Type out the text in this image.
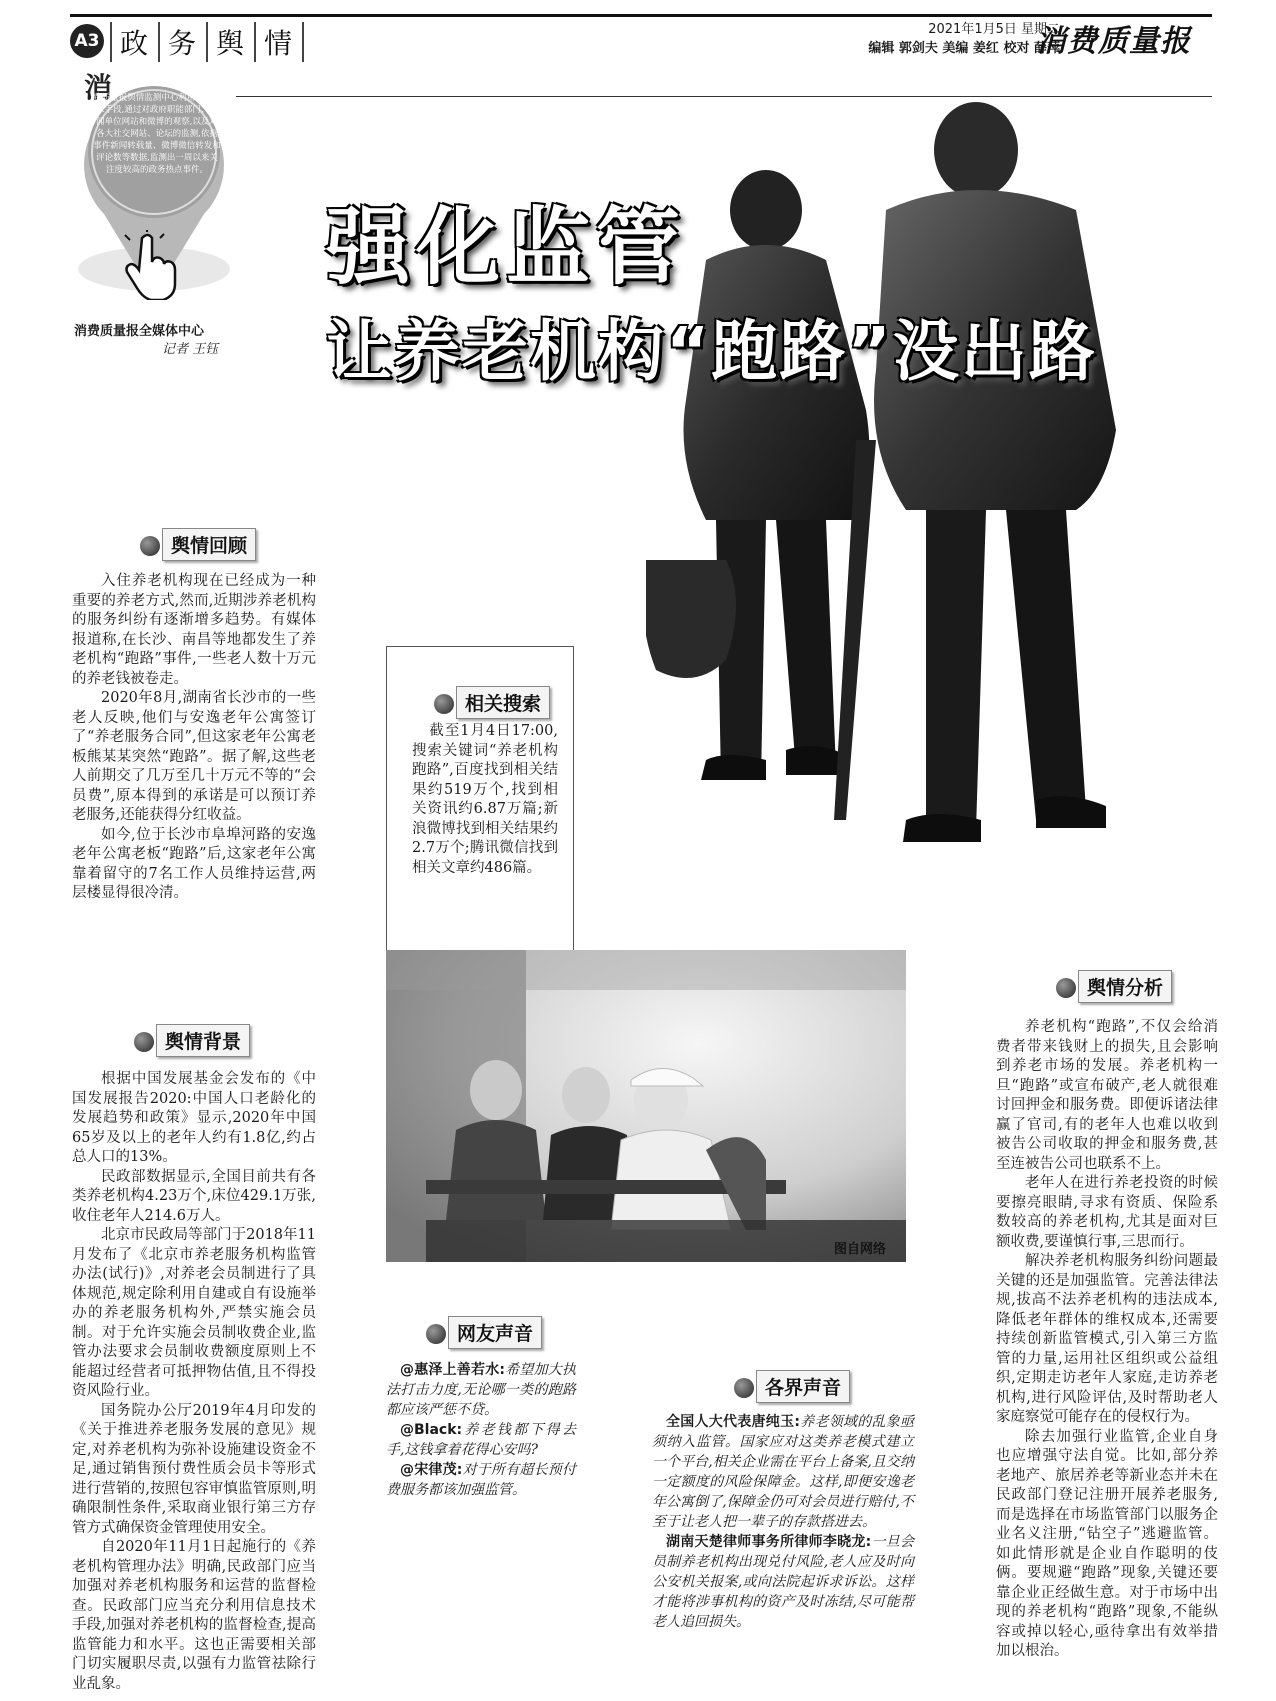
A3 政 务 舆 情	2021年1月5日 星期二
编辑 郭剑夫 美编 姜红 校对 薛萍
消费质量报
消
费质量报舆情监测中心利用专业技术手段,通过对政府职能部门、新闻单位网站和微博的观察,以及对各大社交网站、论坛的监测,依据事件新闻转载量、微博微信转发和评论数等数据,监测出一周以来关注度较高的政务热点事件。
消费质量报全媒体中心
记者 王钰
强化监管
让养老机构“跑路”没出路
舆情回顾

入住养老机构现在已经成为一种重要的养老方式,然而,近期涉养老机构的服务纠纷有逐渐增多趋势。有媒体报道称,在长沙、南昌等地都发生了养老机构“跑路”事件,一些老人数十万元的养老钱被卷走。

2020年8月,湖南省长沙市的一些老人反映,他们与安逸老年公寓签订了“养老服务合同”,但这家老年公寓老板熊某某突然“跑路”。据了解,这些老人前期交了几万至几十万元不等的“会员费”,原本得到的承诺是可以预订养老服务,还能获得分红收益。

如今,位于长沙市阜埠河路的安逸老年公寓老板“跑路”后,这家老年公寓靠着留守的7名工作人员维持运营,两层楼显得很冷清。

相关搜索

截至1月4日17:00,搜索关键词“养老机构跑路”,百度找到相关结果约519万个,找到相关资讯约6.87万篇;新浪微博找到相关结果约2.7万个;腾讯微信找到相关文章约486篇。

图自网络
舆情背景

根据中国发展基金会发布的《中国发展报告2020:中国人口老龄化的发展趋势和政策》显示,2020年中国65岁及以上的老年人约有1.8亿,约占总人口的13%。

民政部数据显示,全国目前共有各类养老机构4.23万个,床位429.1万张,收住老年人214.6万人。

北京市民政局等部门于2018年11月发布了《北京市养老服务机构监管办法(试行)》,对养老会员制进行了具体规范,规定除利用自建或自有设施举办的养老服务机构外,严禁实施会员制。对于允许实施会员制收费企业,监管办法要求会员制收费额度原则上不能超过经营者可抵押物估值,且不得投资风险行业。

国务院办公厅2019年4月印发的《关于推进养老服务发展的意见》规定,对养老机构为弥补设施建设资金不足,通过销售预付费性质会员卡等形式进行营销的,按照包容审慎监管原则,明确限制性条件,采取商业银行第三方存管方式确保资金管理使用安全。

自2020年11月1日起施行的《养老机构管理办法》明确,民政部门应当加强对养老机构服务和运营的监督检查。民政部门应当充分利用信息技术手段,加强对养老机构的监督检查,提高监管能力和水平。这也正需要相关部门切实履职尽责,以强有力监管祛除行业乱象。

网友声音

@惠泽上善若水:希望加大执法打击力度,无论哪一类的跑路都应该严惩不贷。

@Black:养老钱都下得去手,这钱拿着花得心安吗?

@宋律茂:对于所有超长预付费服务都该加强监管。

各界声音

全国人大代表唐纯玉:养老领域的乱象亟须纳入监管。国家应对这类养老模式建立一个平台,相关企业需在平台上备案,且交纳一定额度的风险保障金。这样,即便安逸老年公寓倒了,保障金仍可对会员进行赔付,不至于让老人把一辈子的存款搭进去。

湖南天楚律师事务所律师李晓龙:一旦会员制养老机构出现兑付风险,老人应及时向公安机关报案,或向法院起诉求诉讼。这样才能将涉事机构的资产及时冻结,尽可能帮老人追回损失。

舆情分析

养老机构“跑路”,不仅会给消费者带来钱财上的损失,且会影响到养老市场的发展。养老机构一旦“跑路”或宣布破产,老人就很难讨回押金和服务费。即便诉诸法律赢了官司,有的老年人也难以收到被告公司收取的押金和服务费,甚至连被告公司也联系不上。

老年人在进行养老投资的时候要擦亮眼睛,寻求有资质、保险系数较高的养老机构,尤其是面对巨额收费,要谨慎行事,三思而行。

解决养老机构服务纠纷问题最关键的还是加强监管。完善法律法规,拔高不法养老机构的违法成本,降低老年群体的维权成本,还需要持续创新监管模式,引入第三方监管的力量,运用社区组织或公益组织,定期走访老年人家庭,走访养老机构,进行风险评估,及时帮助老人家庭察觉可能存在的侵权行为。

除去加强行业监管,企业自身也应增强守法自觉。比如,部分养老地产、旅居养老等新业态并未在民政部门登记注册开展养老服务,而是选择在市场监管部门以服务企业名义注册,“钻空子”逃避监管。如此情形就是企业自作聪明的伎俩。要规避“跑路”现象,关键还要靠企业正经做生意。对于市场中出现的养老机构“跑路”现象,不能纵容或掉以轻心,亟待拿出有效举措加以根治。
